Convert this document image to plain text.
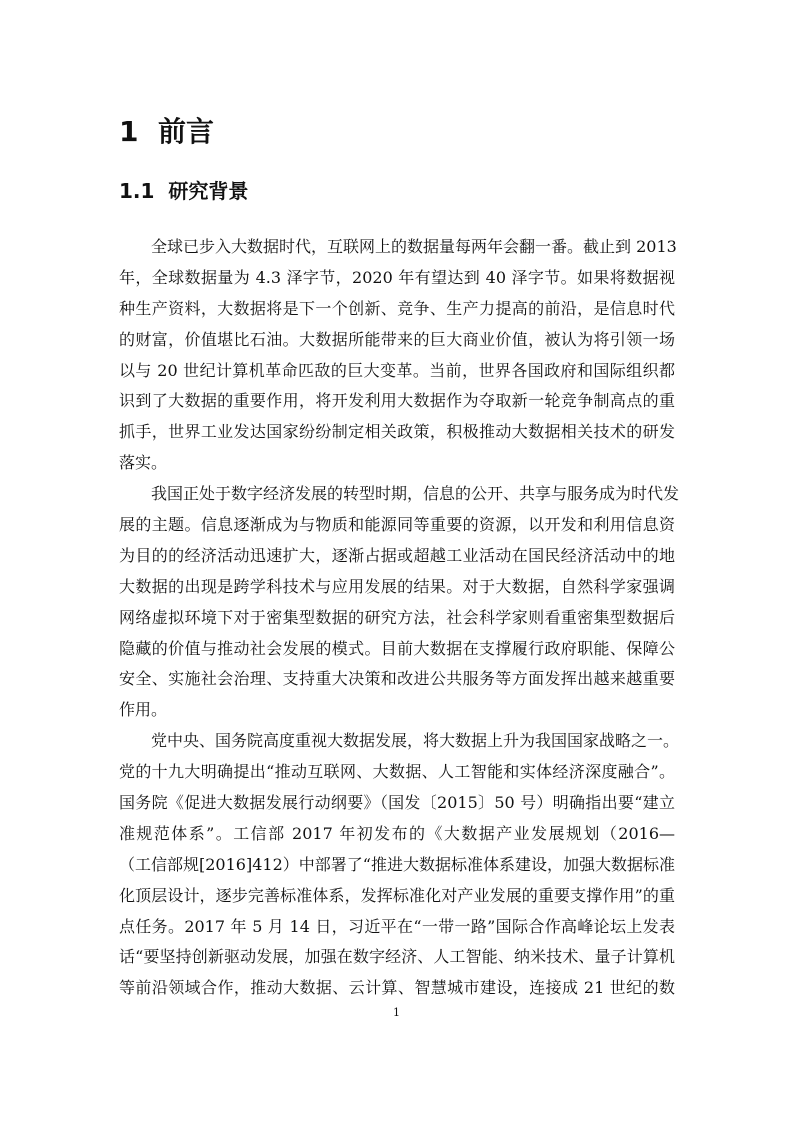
1 前言
1.1 研究背景
全球已步入大数据时代，互联网上的数据量每两年会翻一番。截止到 2013
年，全球数据量为 4.3 泽字节，2020 年有望达到 40 泽字节。如果将数据视
种生产资料，大数据将是下一个创新、竞争、生产力提高的前沿，是信息时代
的财富，价值堪比石油。大数据所能带来的巨大商业价值，被认为将引领一场
以与 20 世纪计算机革命匹敌的巨大变革。当前，世界各国政府和国际组织都
识到了大数据的重要作用，将开发利用大数据作为夺取新一轮竞争制高点的重
抓手，世界工业发达国家纷纷制定相关政策，积极推动大数据相关技术的研发
落实。
我国正处于数字经济发展的转型时期，信息的公开、共享与服务成为时代发
展的主题。信息逐渐成为与物质和能源同等重要的资源，以开发和利用信息资
为目的的经济活动迅速扩大，逐渐占据或超越工业活动在国民经济活动中的地
大数据的出现是跨学科技术与应用发展的结果。对于大数据，自然科学家强调
网络虚拟环境下对于密集型数据的研究方法，社会科学家则看重密集型数据后
隐藏的价值与推动社会发展的模式。目前大数据在支撑履行政府职能、保障公
安全、实施社会治理、支持重大决策和改进公共服务等方面发挥出越来越重要
作用。
党中央、国务院高度重视大数据发展，将大数据上升为我国国家战略之一。
党的十九大明确提出“推动互联网、大数据、人工智能和实体经济深度融合”。
国务院《促进大数据发展行动纲要》（国发〔2015〕50 号）明确指出要“建立
准规范体系”。工信部 2017 年初发布的《大数据产业发展规划（2016—
（工信部规[2016]412）中部署了“推进大数据标准体系建设，加强大数据标准
化顶层设计，逐步完善标准体系，发挥标准化对产业发展的重要支撑作用”的重
点任务。2017 年 5 月 14 日，习近平在“一带一路”国际合作高峰论坛上发表
话“要坚持创新驱动发展，加强在数字经济、人工智能、纳米技术、量子计算机
等前沿领域合作，推动大数据、云计算、智慧城市建设，连接成 21 世纪的数
1
